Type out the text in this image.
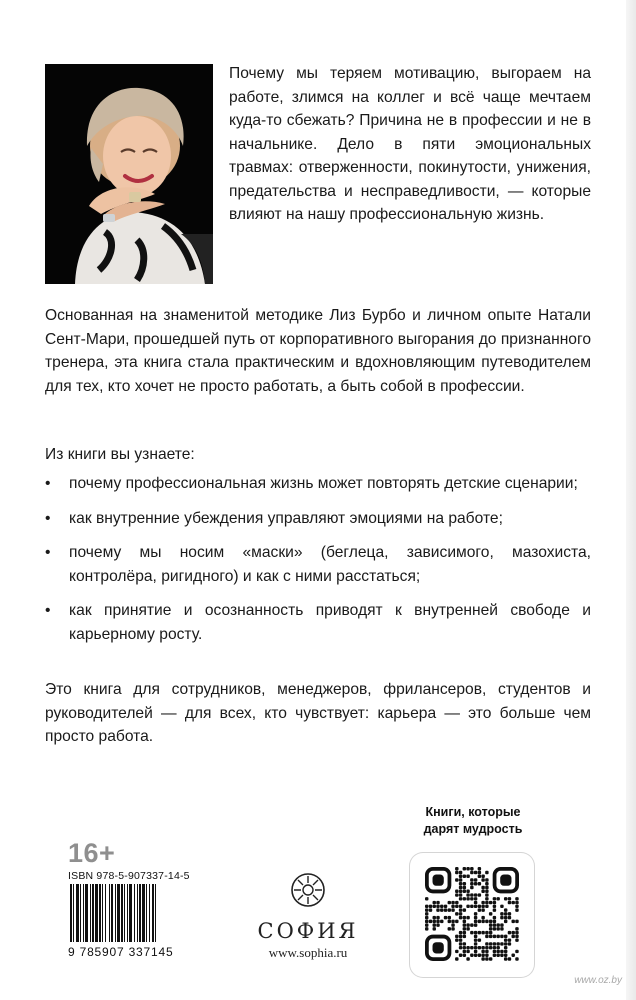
Почему мы теряем мотивацию, выгораем на работе, злимся на коллег и всё чаще мечтаем куда-то сбежать? Причина не в профессии и не в начальнике. Дело в пяти эмоциональных травмах: отверженности, покинутости, унижения, предательства и несправедливости, — которые влияют на нашу профессиональную жизнь.

Основанная на знаменитой методике Лиз Бурбо и личном опыте Натали Сент-Мари, прошедшей путь от корпоративного выгорания до признанного тренера, эта книга стала практическим и вдохновляющим путеводителем для тех, кто хочет не просто работать, а быть собой в профессии.

Из книги вы узнаете:

• почему профессиональная жизнь может повторять детские сценарии;
• как внутренние убеждения управляют эмоциями на работе;
• почему мы носим «маски» (беглеца, зависимого, мазохиста, контролёра, ригидного) и как с ними расстаться;
• как принятие и осознанность приводят к внутренней свободе и карьерному росту.

Это книга для сотрудников, менеджеров, фрилансеров, студентов и руководителей — для всех, кто чувствует: карьера — это больше чем просто работа.

16+
ISBN 978-5-907337-14-5
9 785907 337145
СОФИЯ
www.sophia.ru
Книги, которые дарят мудрость
www.oz.by
